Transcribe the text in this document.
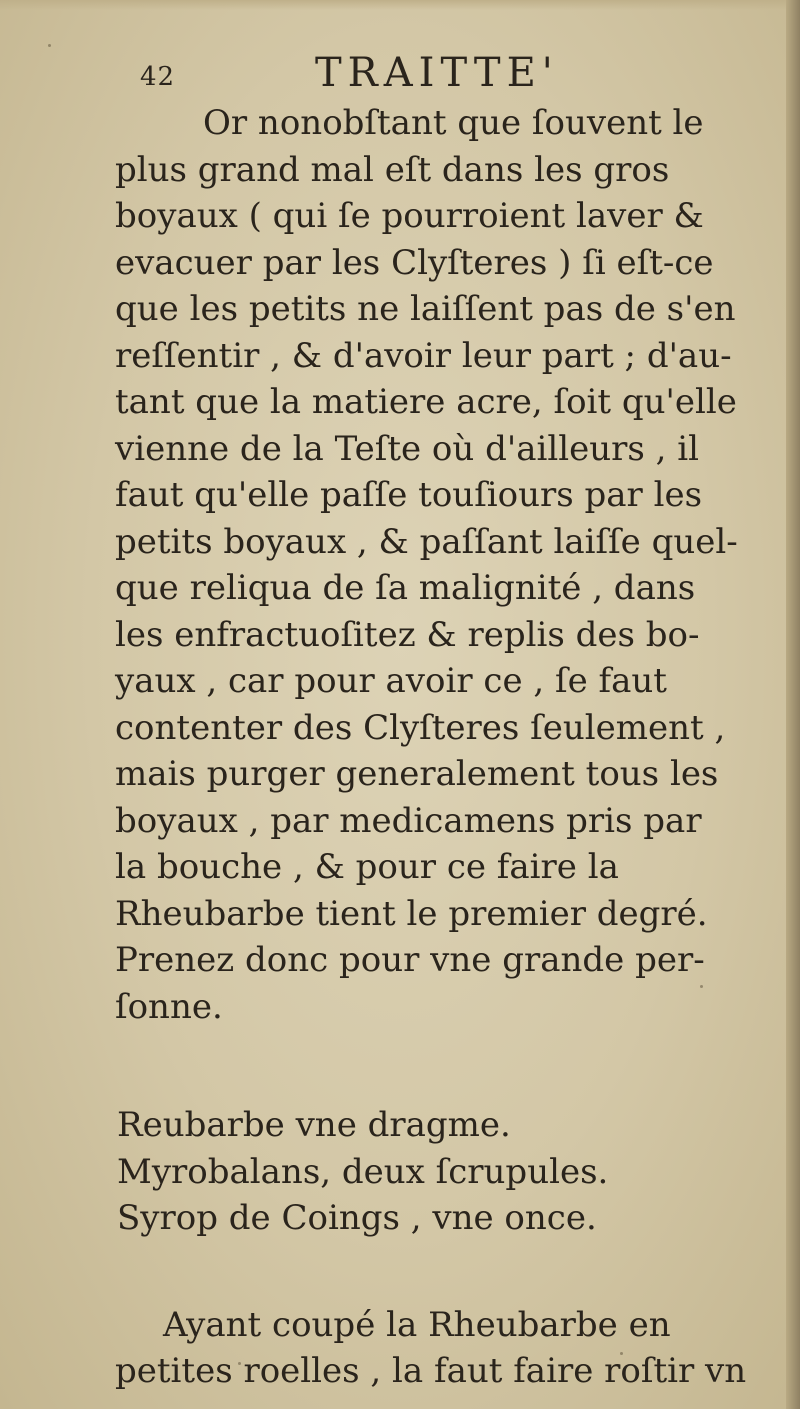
42	TRAITTE'
Or nonobſtant que ſouvent le
plus grand mal eſt dans les gros
boyaux ( qui ſe pourroient laver &
evacuer par les Clyſteres ) ſi eſt-ce
que les petits ne laiſſent pas de s'en
reſſentir , & d'avoir leur part ; d'au-
tant que la matiere acre, ſoit qu'elle
vienne de la Teſte où d'ailleurs , il
faut qu'elle paſſe touſiours par les
petits boyaux , & paſſant laiſſe quel-
que reliqua de ſa malignité , dans
les enfractuoſitez & replis des bo-
yaux , car pour avoir ce , ſe faut
contenter des Clyſteres ſeulement ,
mais purger generalement tous les
boyaux , par medicamens pris par
la bouche , & pour ce faire la
Rheubarbe tient le premier degré.
Prenez donc pour vne grande per-
ſonne.
Reubarbe vne dragme.
Myrobalans, deux ſcrupules.
Syrop de Coings , vne once.
Ayant coupé la Rheubarbe en
petites roelles , la faut faire roſtir vn
